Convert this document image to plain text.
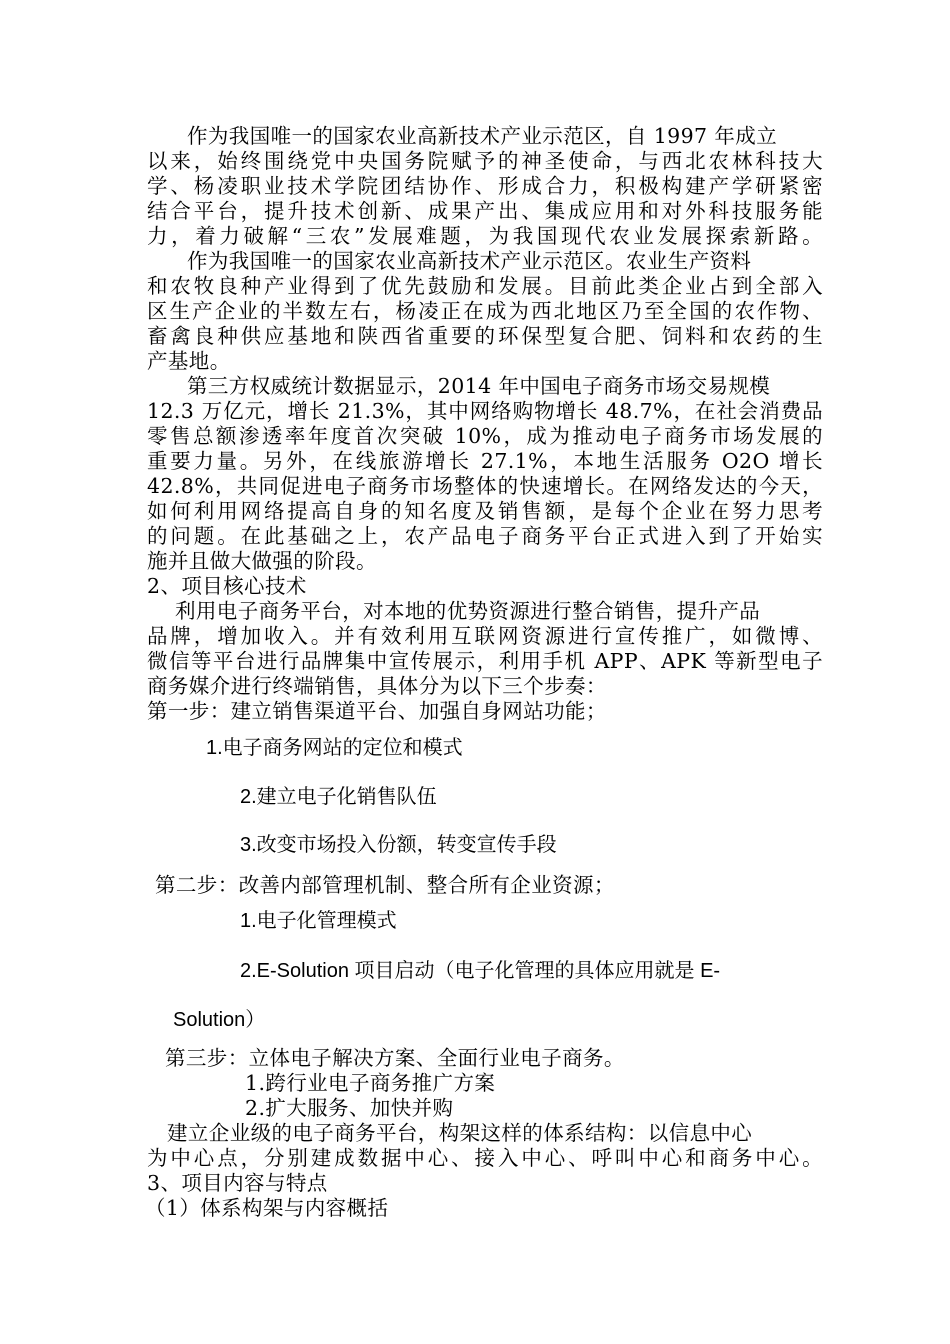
作为我国唯一的国家农业高新技术产业示范区，自 1997 年成立
以来，始终围绕党中央国务院赋予的神圣使命，与西北农林科技大
学、杨凌职业技术学院团结协作、形成合力，积极构建产学研紧密
结合平台，提升技术创新、成果产出、集成应用和对外科技服务能
力，着力破解“三农”发展难题，为我国现代农业发展探索新路。
作为我国唯一的国家农业高新技术产业示范区。农业生产资料
和农牧良种产业得到了优先鼓励和发展。目前此类企业占到全部入
区生产企业的半数左右，杨凌正在成为西北地区乃至全国的农作物、
畜禽良种供应基地和陕西省重要的环保型复合肥、饲料和农药的生
产基地。
第三方权威统计数据显示，2014 年中国电子商务市场交易规模
12.3 万亿元，增长 21.3%，其中网络购物增长 48.7%，在社会消费品
零售总额渗透率年度首次突破 10%，成为推动电子商务市场发展的
重要力量。另外，在线旅游增长 27.1%，本地生活服务 O2O 增长
42.8%，共同促进电子商务市场整体的快速增长。在网络发达的今天，
如何利用网络提高自身的知名度及销售额，是每个企业在努力思考
的问题。在此基础之上，农产品电子商务平台正式进入到了开始实
施并且做大做强的阶段。
2、项目核心技术
利用电子商务平台，对本地的优势资源进行整合销售，提升产品
品牌，增加收入。并有效利用互联网资源进行宣传推广，如微博、
微信等平台进行品牌集中宣传展示，利用手机 APP、APK 等新型电子
商务媒介进行终端销售，具体分为以下三个步奏：
第一步：建立销售渠道平台、加强自身网站功能；
1.电子商务网站的定位和模式
2.建立电子化销售队伍
3.改变市场投入份额，转变宣传手段
第二步：改善内部管理机制、整合所有企业资源；
1.电子化管理模式
2.E-Solution 项目启动（电子化管理的具体应用就是 E-
Solution）
第三步：立体电子解决方案、全面行业电子商务。
1.跨行业电子商务推广方案
2.扩大服务、加快并购
建立企业级的电子商务平台，构架这样的体系结构：以信息中心
为中心点，分别建成数据中心、接入中心、呼叫中心和商务中心。
3、项目内容与特点
（1）体系构架与内容概括
